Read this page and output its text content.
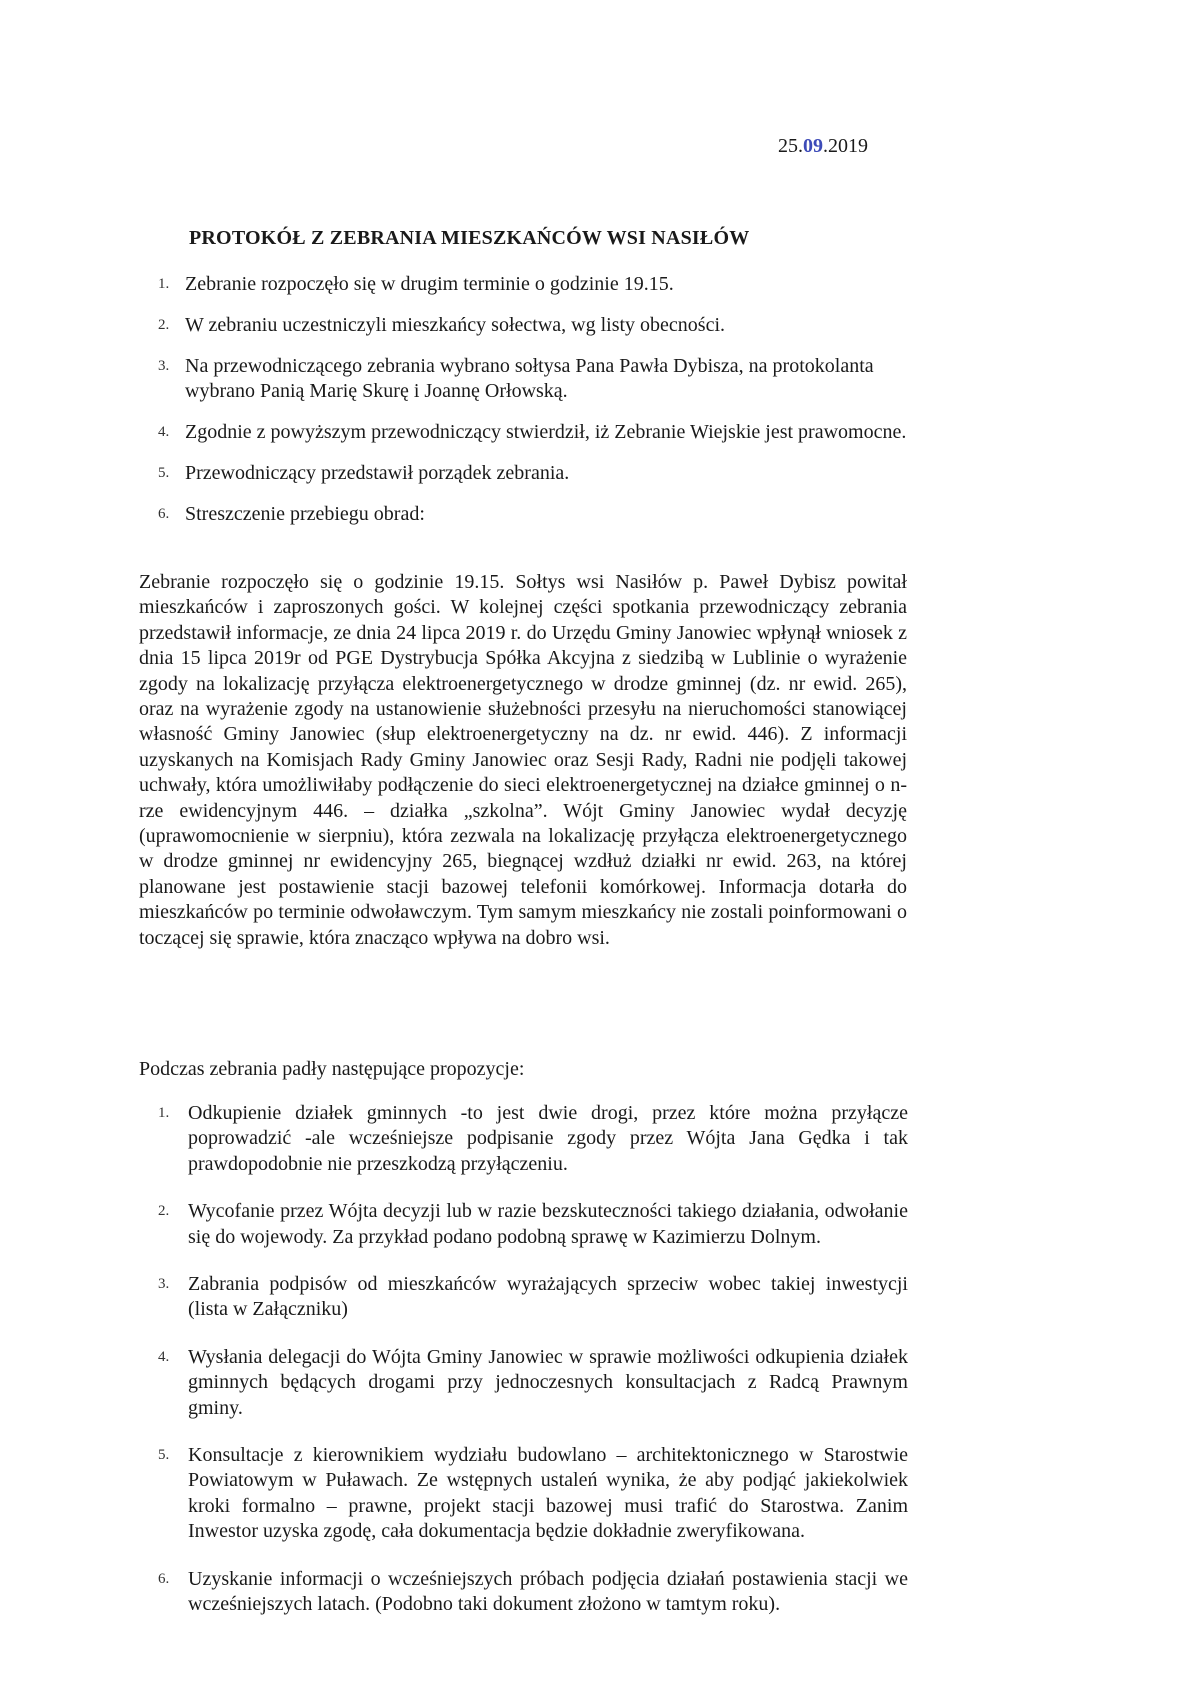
25.09.2019
PROTOKÓŁ Z ZEBRANIA MIESZKAŃCÓW WSI NASIŁÓW
1. Zebranie rozpoczęło się w drugim terminie o godzinie 19.15.
2. W zebraniu uczestniczyli mieszkańcy sołectwa, wg listy obecności.
3. Na przewodniczącego zebrania wybrano sołtysa Pana Pawła Dybisza, na protokolanta wybrano Panią Marię Skurę i Joannę Orłowską.
4. Zgodnie z powyższym przewodniczący stwierdził, iż Zebranie Wiejskie jest prawomocne.
5. Przewodniczący przedstawił porządek zebrania.
6. Streszczenie przebiegu obrad:

Zebranie rozpoczęło się o godzinie 19.15. Sołtys wsi Nasiłów p. Paweł Dybisz powitał mieszkańców i zaproszonych gości. W kolejnej części spotkania przewodniczący zebrania przedstawił informacje, ze dnia 24 lipca 2019 r. do Urzędu Gminy Janowiec wpłynął wniosek z dnia 15 lipca 2019r od PGE Dystrybucja Spółka Akcyjna z siedzibą w Lublinie o wyrażenie zgody na lokalizację przyłącza elektroenergetycznego w drodze gminnej (dz. nr ewid. 265), oraz na wyrażenie zgody na ustanowienie służebności przesyłu na nieruchomości stanowiącej własność Gminy Janowiec (słup elektroenergetyczny na dz. nr ewid. 446). Z informacji uzyskanych na Komisjach Rady Gminy Janowiec oraz Sesji Rady, Radni nie podjęli takowej uchwały, która umożliwiłaby podłączenie do sieci elektroenergetycznej na działce gminnej o n-rze ewidencyjnym 446. – działka „szkolna”. Wójt Gminy Janowiec wydał decyzję (uprawomocnienie w sierpniu), która zezwala na lokalizację przyłącza elektroenergetycznego w drodze gminnej nr ewidencyjny 265, biegnącej wzdłuż działki nr ewid. 263, na której planowane jest postawienie stacji bazowej telefonii komórkowej. Informacja dotarła do mieszkańców po terminie odwoławczym. Tym samym mieszkańcy nie zostali poinformowani o toczącej się sprawie, która znacząco wpływa na dobro wsi.

Podczas zebrania padły następujące propozycje:

1. Odkupienie działek gminnych -to jest dwie drogi, przez które można przyłącze poprowadzić -ale wcześniejsze podpisanie zgody przez Wójta Jana Gędka i tak prawdopodobnie nie przeszkodzą przyłączeniu.
2. Wycofanie przez Wójta decyzji lub w razie bezskuteczności takiego działania, odwołanie się do wojewody. Za przykład podano podobną sprawę w Kazimierzu Dolnym.
3. Zabrania podpisów od mieszkańców wyrażających sprzeciw wobec takiej inwestycji (lista w Załączniku)
4. Wysłania delegacji do Wójta Gminy Janowiec w sprawie możliwości odkupienia działek gminnych będących drogami przy jednoczesnych konsultacjach z Radcą Prawnym gminy.
5. Konsultacje z kierownikiem wydziału budowlano – architektonicznego w Starostwie Powiatowym w Puławach. Ze wstępnych ustaleń wynika, że aby podjąć jakiekolwiek kroki formalno – prawne, projekt stacji bazowej musi trafić do Starostwa. Zanim Inwestor uzyska zgodę, cała dokumentacja będzie dokładnie zweryfikowana.
6. Uzyskanie informacji o wcześniejszych próbach podjęcia działań postawienia stacji we wcześniejszych latach. (Podobno taki dokument złożono w tamtym roku).
